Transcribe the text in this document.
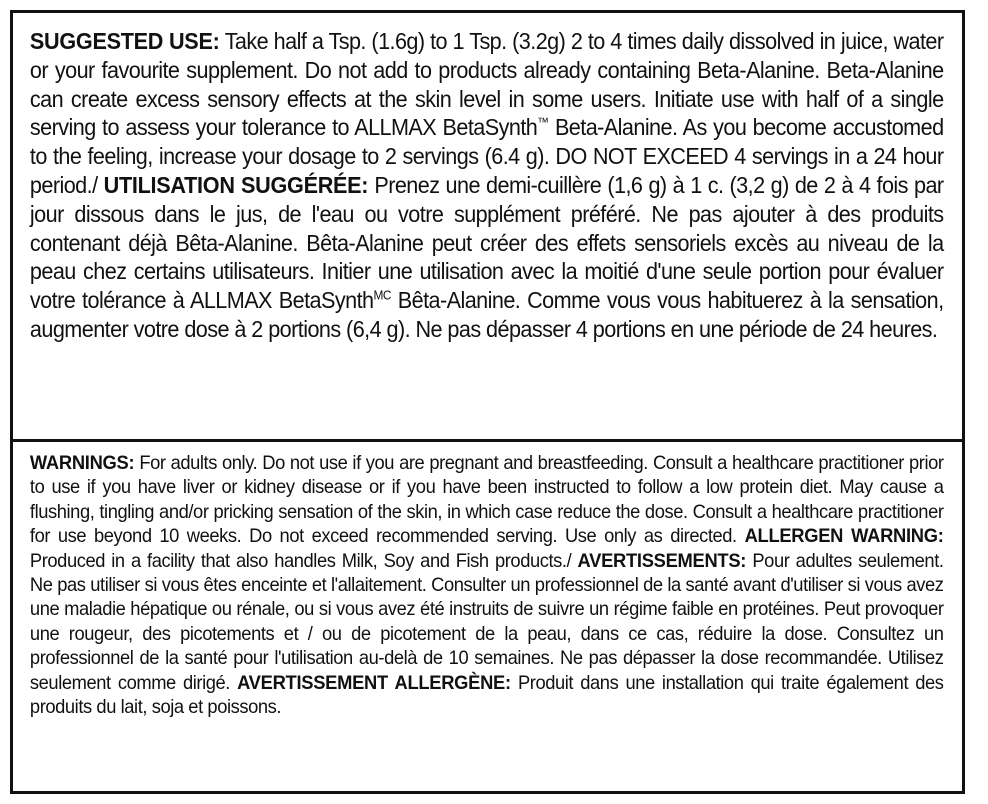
SUGGESTED USE: Take half a Tsp. (1.6g) to 1 Tsp. (3.2g) 2 to 4 times daily dissolved in juice, water or your favourite supplement. Do not add to products already containing Beta-Alanine. Beta-Alanine can create excess sensory effects at the skin level in some users. Initiate use with half of a single serving to assess your tolerance to ALLMAX BetaSynth™ Beta-Alanine. As you become accustomed to the feeling, increase your dosage to 2 servings (6.4 g). DO NOT EXCEED 4 servings in a 24 hour period./ UTILISATION SUGGÉRÉE: Prenez une demi-cuillère (1,6 g) à 1 c. (3,2 g) de 2 à 4 fois par jour dissous dans le jus, de l'eau ou votre supplément préféré. Ne pas ajouter à des produits contenant déjà Bêta-Alanine. Bêta-Alanine peut créer des effets sensoriels excès au niveau de la peau chez certains utilisateurs. Initier une utilisation avec la moitié d'une seule portion pour évaluer votre tolérance à ALLMAX BetaSynth$^{MC}$ Bêta-Alanine. Comme vous vous habituerez à la sensation, augmenter votre dose à 2 portions (6,4 g). Ne pas dépasser 4 portions en une période de 24 heures.
WARNINGS: For adults only. Do not use if you are pregnant and breastfeeding. Consult a healthcare practitioner prior to use if you have liver or kidney disease or if you have been instructed to follow a low protein diet. May cause a flushing, tingling and/or pricking sensation of the skin, in which case reduce the dose. Consult a healthcare practitioner for use beyond 10 weeks. Do not exceed recommended serving. Use only as directed. ALLERGEN WARNING: Produced in a facility that also handles Milk, Soy and Fish products./ AVERTISSEMENTS: Pour adultes seulement. Ne pas utiliser si vous êtes enceinte et l'allaitement. Consulter un professionnel de la santé avant d'utiliser si vous avez une maladie hépatique ou rénale, ou si vous avez été instruits de suivre un régime faible en protéines. Peut provoquer une rougeur, des picotements et / ou de picotement de la peau, dans ce cas, réduire la dose. Consultez un professionnel de la santé pour l'utilisation au-delà de 10 semaines. Ne pas dépasser la dose recommandée. Utilisez seulement comme dirigé. AVERTISSEMENT ALLERGÈNE: Produit dans une installation qui traite également des produits du lait, soja et poissons.
